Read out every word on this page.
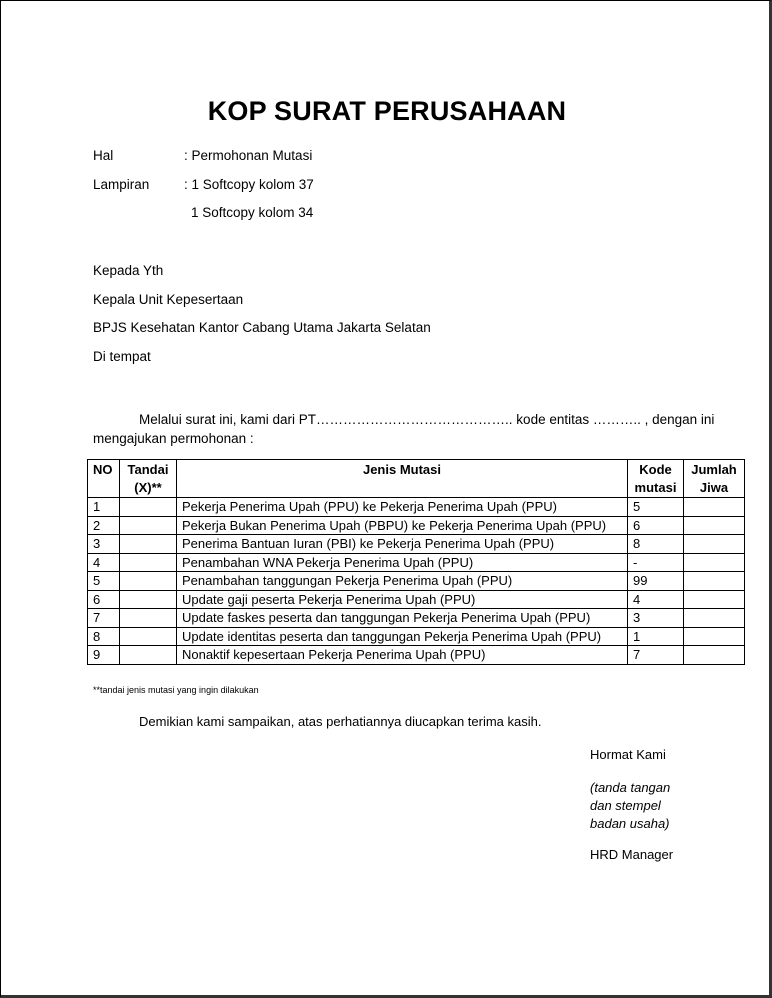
KOP SURAT PERUSAHAAN
Hal	: Permohonan Mutasi
Lampiran	: 1 Softcopy kolom 37
1 Softcopy kolom 34
Kepada Yth
Kepala Unit Kepesertaan
BPJS Kesehatan Kantor Cabang Utama Jakarta Selatan
Di tempat
Melalui surat ini, kami dari PT…………………………………….. kode entitas ……….. , dengan ini
mengajukan permohonan :
NO	Tandai (X)**	Jenis Mutasi	Kode mutasi	Jumlah Jiwa
1		Pekerja Penerima Upah (PPU) ke Pekerja Penerima Upah (PPU)	5	
2		Pekerja Bukan Penerima Upah (PBPU) ke Pekerja Penerima Upah (PPU)	6	
3		Penerima Bantuan Iuran (PBI) ke Pekerja Penerima Upah (PPU)	8	
4		Penambahan WNA Pekerja Penerima Upah (PPU)	-	
5		Penambahan tanggungan Pekerja Penerima Upah (PPU)	99	
6		Update gaji peserta Pekerja Penerima Upah (PPU)	4	
7		Update faskes peserta dan tanggungan Pekerja Penerima Upah (PPU)	3	
8		Update identitas peserta dan tanggungan Pekerja Penerima Upah (PPU)	1	
9		Nonaktif kepesertaan Pekerja Penerima Upah (PPU)	7	
**tandai jenis mutasi yang ingin dilakukan
Demikian kami sampaikan, atas perhatiannya diucapkan terima kasih.
Hormat Kami
(tanda tangan
dan stempel
badan usaha)
HRD Manager
